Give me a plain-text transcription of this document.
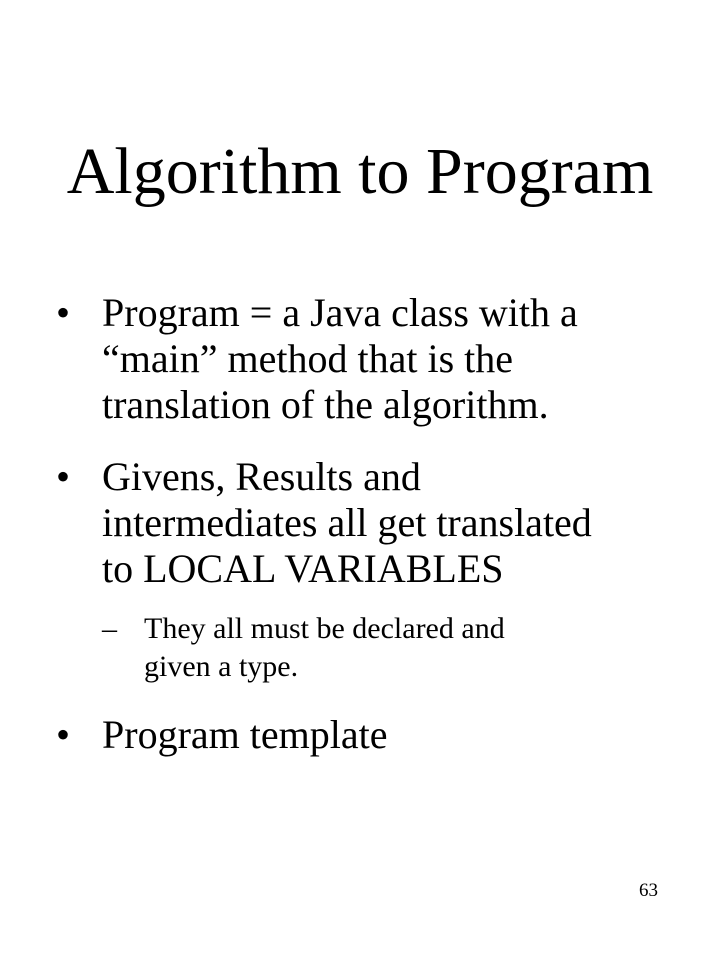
Algorithm to Program
• Program = a Java class with a
“main” method that is the
translation of the algorithm.
• Givens, Results and
intermediates all get translated
to LOCAL VARIABLES
– They all must be declared and
given a type.
• Program template
63
